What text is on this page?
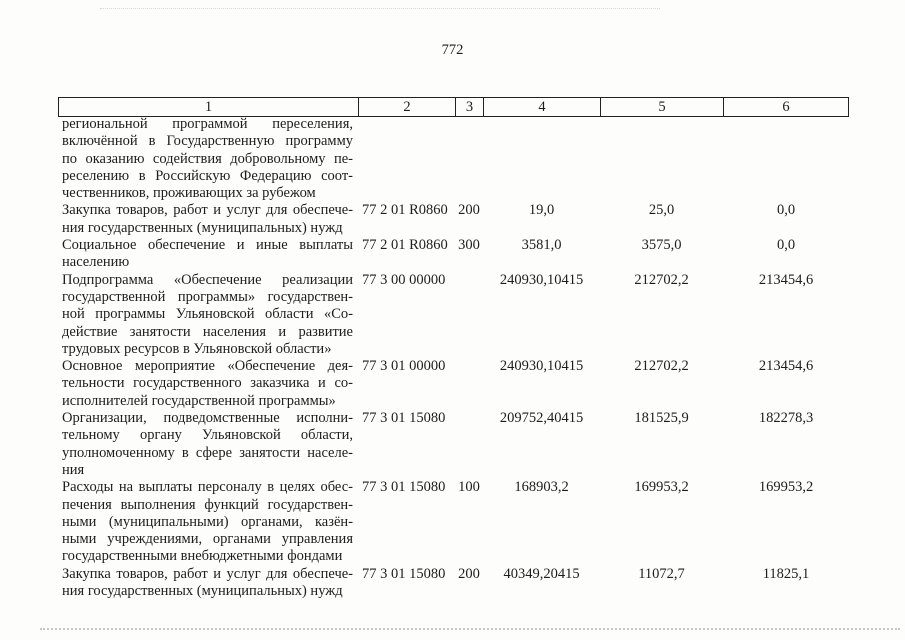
772
1	2	3	4	5	6
региональной программой переселения,
включённой в Государственную программу
по оказанию содействия добровольному пе-
реселению в Российскую Федерацию соот-
чественников, проживающих за рубежом
Закупка товаров, работ и услуг для обеспече-
ния государственных (муниципальных) нужд
77 2 01 R0860 200	19,0	25,0	0,0
Социальное обеспечение и иные выплаты
населению
77 2 01 R0860 300	3581,0	3575,0	0,0
Подпрограмма «Обеспечение реализации
государственной программы» государствен-
ной программы Ульяновской области «Со-
действие занятости населения и развитие
трудовых ресурсов в Ульяновской области»
77 3 00 00000	240930,10415	212702,2	213454,6
Основное мероприятие «Обеспечение дея-
тельности государственного заказчика и со-
исполнителей государственной программы»
77 3 01 00000	240930,10415	212702,2	213454,6
Организации, подведомственные исполни-
тельному органу Ульяновской области,
уполномоченному в сфере занятости населе-
ния
77 3 01 15080	209752,40415	181525,9	182278,3
Расходы на выплаты персоналу в целях обес-
печения выполнения функций государствен-
ными (муниципальными) органами, казён-
ными учреждениями, органами управления
государственными внебюджетными фондами
77 3 01 15080 100	168903,2	169953,2	169953,2
Закупка товаров, работ и услуг для обеспече-
ния государственных (муниципальных) нужд
77 3 01 15080 200	40349,20415	11072,7	11825,1
